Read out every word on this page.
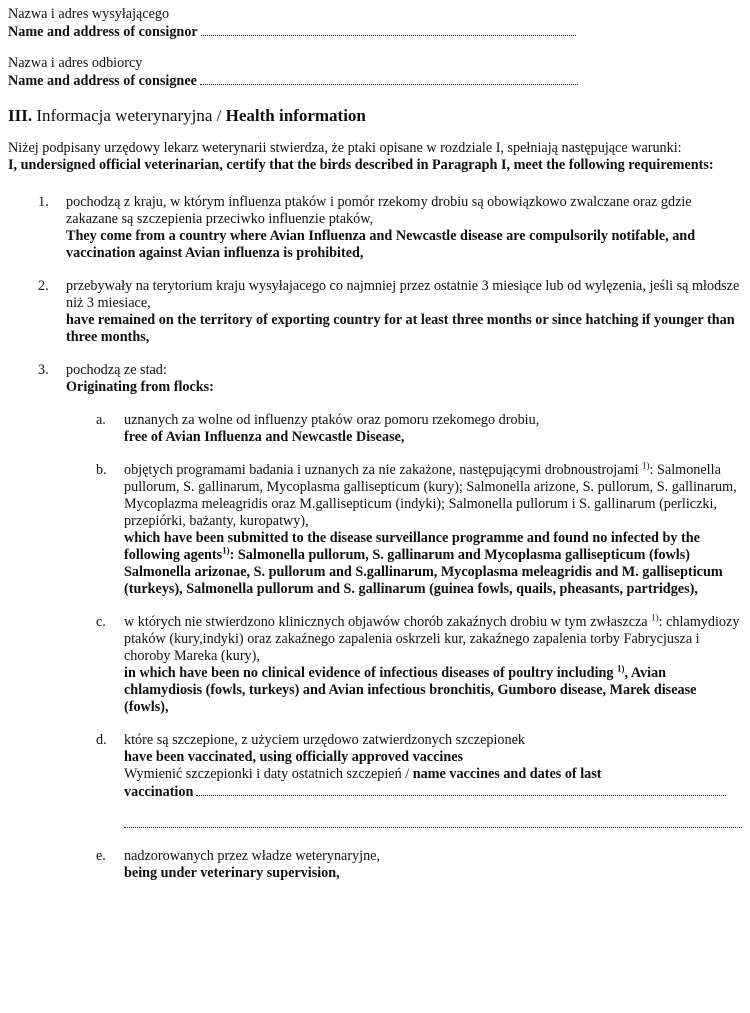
Nazwa i adres wysyłającego

Name and address of consignor

Nazwa i adres odbiorcy

Name and address of consignee
III. Informacja weterynaryjna / Health information

Niżej podpisany urzędowy lekarz weterynarii stwierdza, że ptaki opisane w rozdziale I, spełniają następujące warunki:

I, undersigned official veterinarian, certify that the birds described in Paragraph I, meet the following requirements:

1. pochodzą z kraju, w którym influenza ptaków i pomór rzekomy drobiu są obowiązkowo zwalczane oraz gdzie zakazane są szczepienia przeciwko influenzie ptaków,

They come from a country where Avian Influenza and Newcastle disease are compulsorily notifable, and vaccination against Avian influenza is prohibited,

2. przebywały na terytorium kraju wysyłajacego co najmniej przez ostatnie 3 miesiące lub od wylęzenia, jeśli są młodsze niż 3 miesiace,

have remained on the territory of exporting country for at least three months or since hatching if younger than three months,

3. pochodzą ze stad:

Originating from flocks:

a. uznanych za wolne od influenzy ptaków oraz pomoru rzekomego drobiu,

free of Avian Influenza and Newcastle Disease,

b. objętych programami badania i uznanych za nie zakażone, następującymi drobnoustrojami $^{1)}$: Salmonella pullorum, S. gallinarum, Mycoplasma gallisepticum (kury); Salmonella arizone, S. pullorum, S. gallinarum, Mycoplazma meleagridis oraz M.gallisepticum (indyki); Salmonella pullorum i S. gallinarum (perliczki, przepiórki, bażanty, kuropatwy),

which have been submitted to the disease surveillance programme and found no infected by the following agents$^{1)}$: Salmonella pullorum, S. gallinarum and Mycoplasma gallisepticum (fowls) Salmonella arizonae, S. pullorum and S.gallinarum, Mycoplasma meleagridis and M. gallisepticum (turkeys), Salmonella pullorum and S. gallinarum (guinea fowls, quails, pheasants, partridges),

c. w których nie stwierdzono klinicznych objawów chorób zakaźnych drobiu w tym zwłaszcza $^{1)}$: chlamydiozy ptaków (kury,indyki) oraz zakaźnego zapalenia oskrzeli kur, zakaźnego zapalenia torby Fabrycjusza i choroby Mareka (kury),

in which have been no clinical evidence of infectious diseases of poultry including $^{1)}$, Avian chlamydiosis (fowls, turkeys) and Avian infectious bronchitis, Gumboro disease, Marek disease (fowls),

d. które są szczepione, z użyciem urzędowo zatwierdzonych szczepionek

have been vaccinated, using officially approved vaccines

Wymienić szczepionki i daty ostatnich szczepień / name vaccines and dates of last

vaccination
e. nadzorowanych przez władze weterynaryjne,

being under veterinary supervision,
